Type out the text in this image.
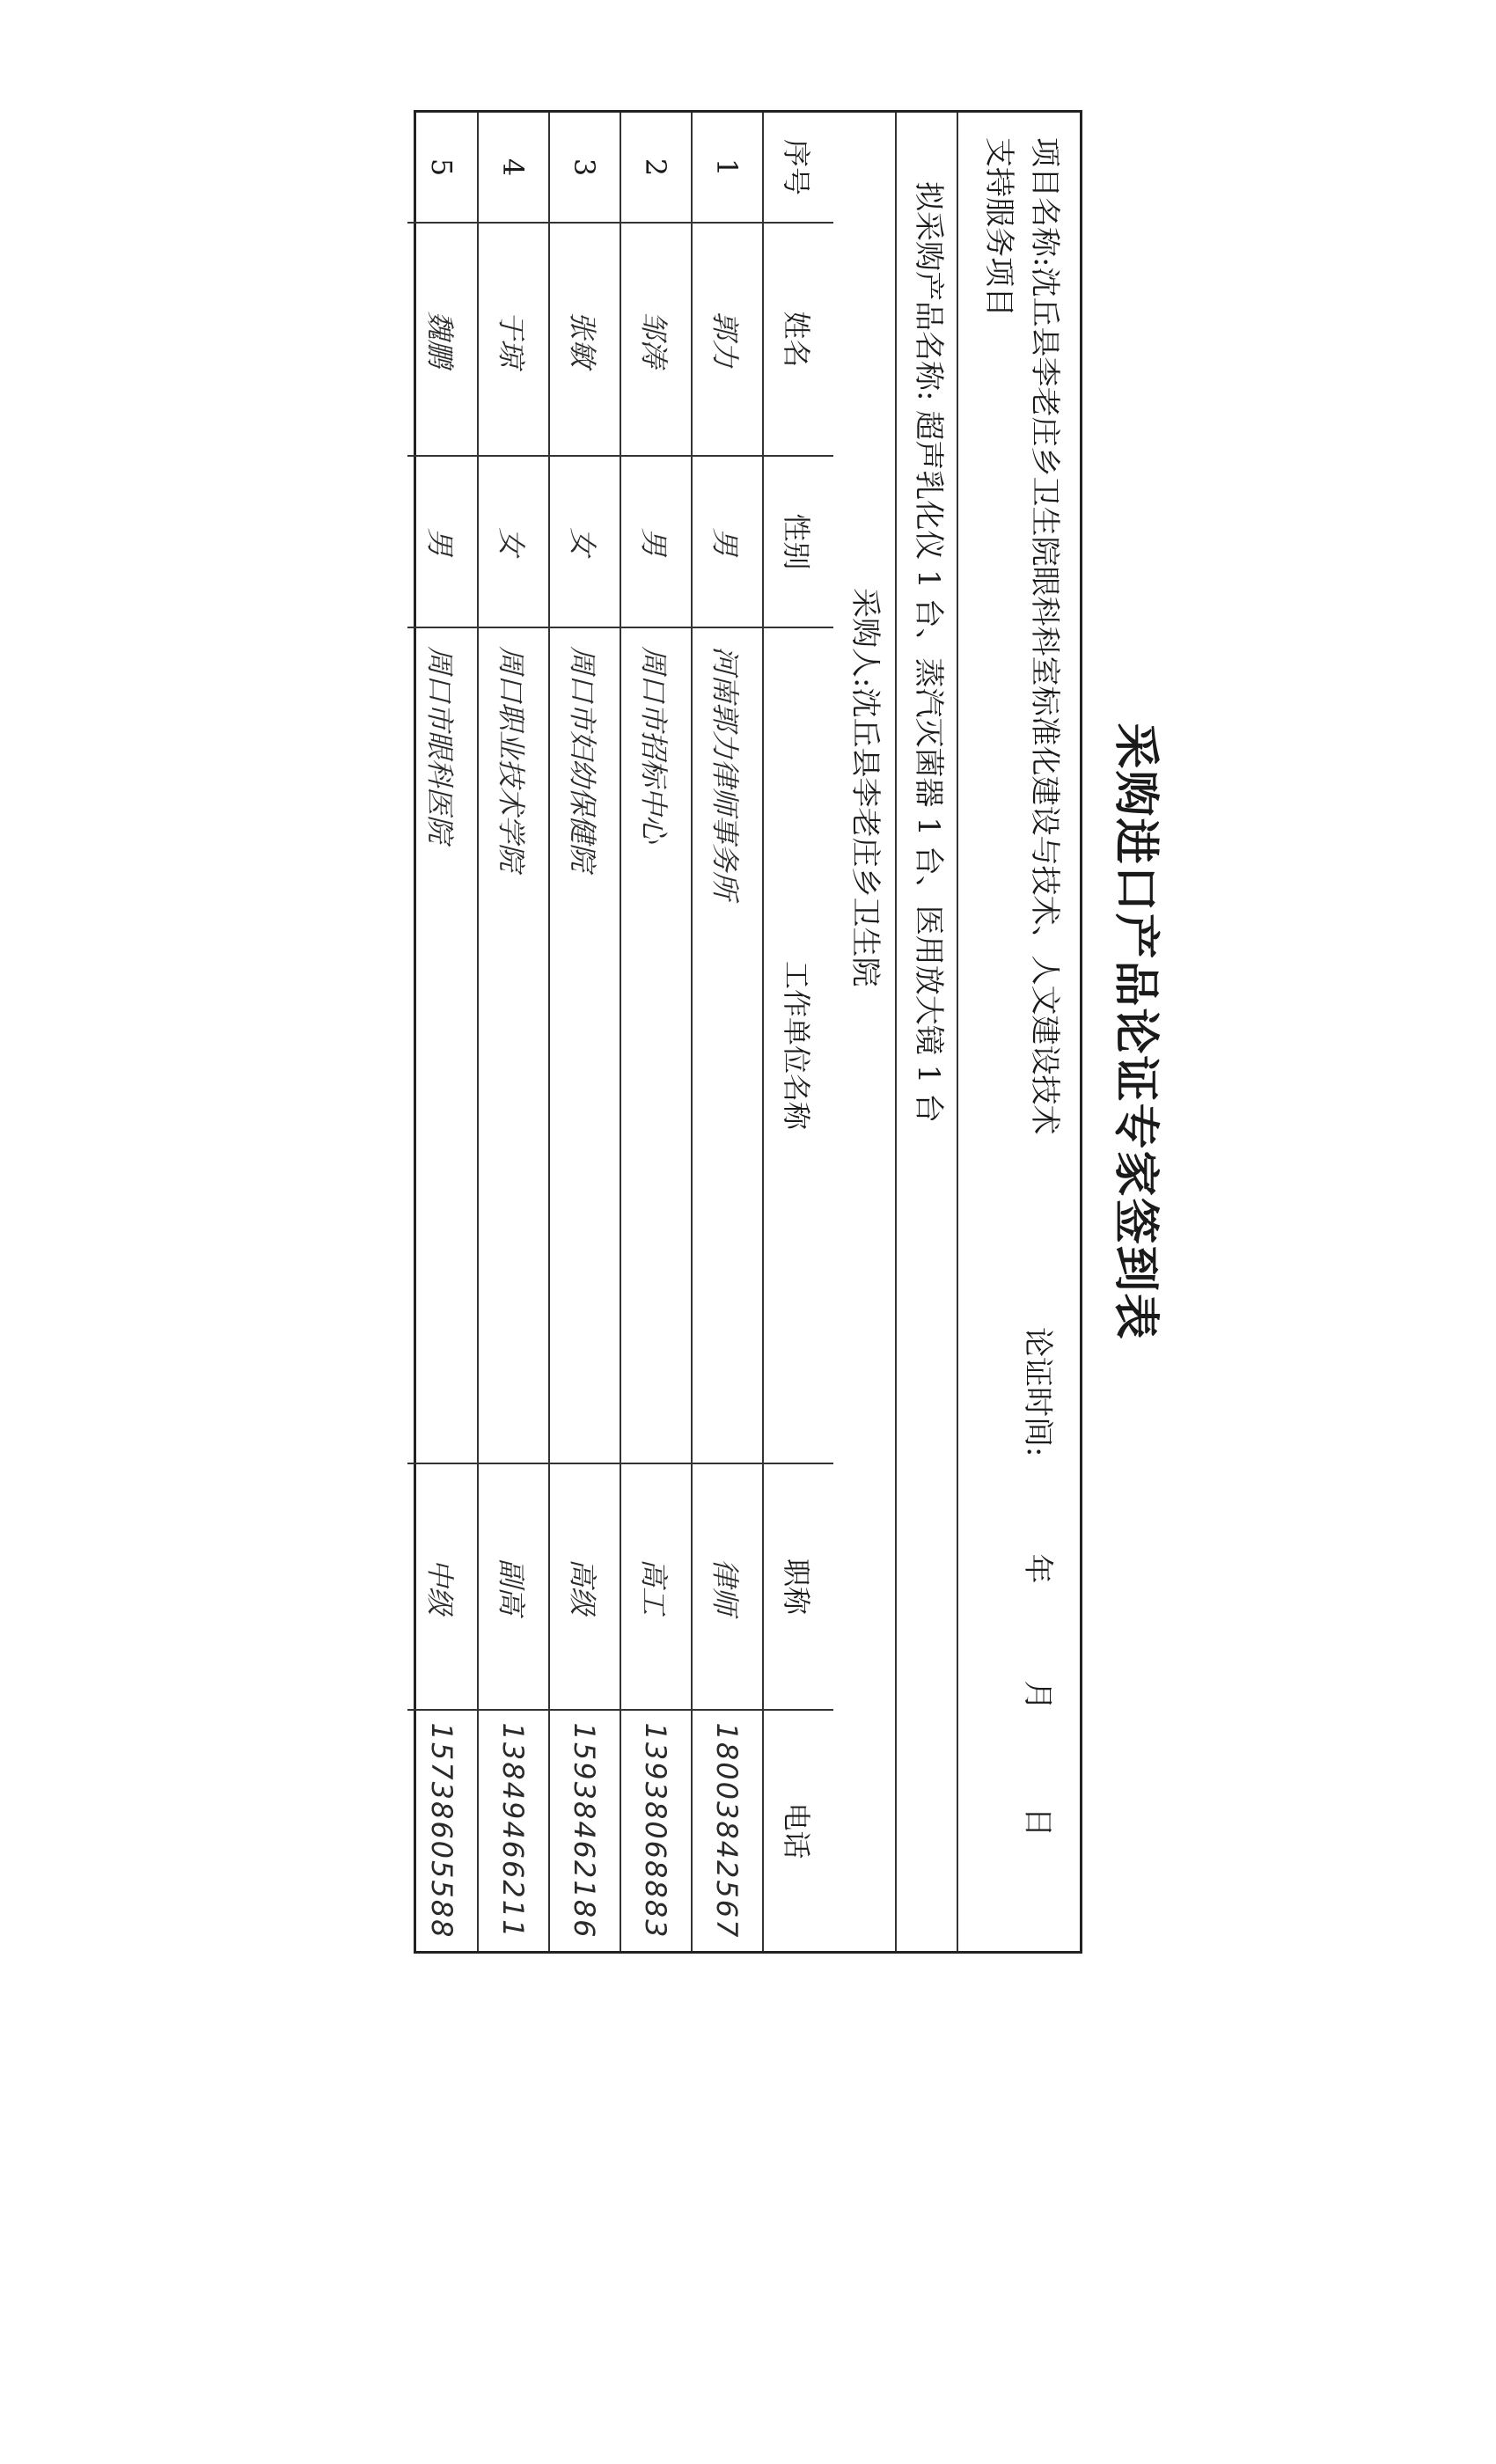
采购进口产品论证专家签到表
项目名称:沈丘县李老庄乡卫生院眼科科室标准化建设与技术、人文建设技术支持服务项目
论证时间:年月日
拟采购产品名称: 超声乳化仪 1 台、蒸汽灭菌器 1 台、医用放大镜 1 台
采购人:沈丘县李老庄乡卫生院
序号	姓名	性别	工作单位名称	职称	电话
1	郭力	男	河南郭力律师事务所	律师	18003842567
2	邹涛	男	周口市招标中心	高工	13938068883
3	张敏	女	周口市妇幼保健院	高级	15938462186
4	于琼	女	周口职业技术学院	副高	13849466211
5	魏鹏	男	周口市眼科医院	中级	15738605588
